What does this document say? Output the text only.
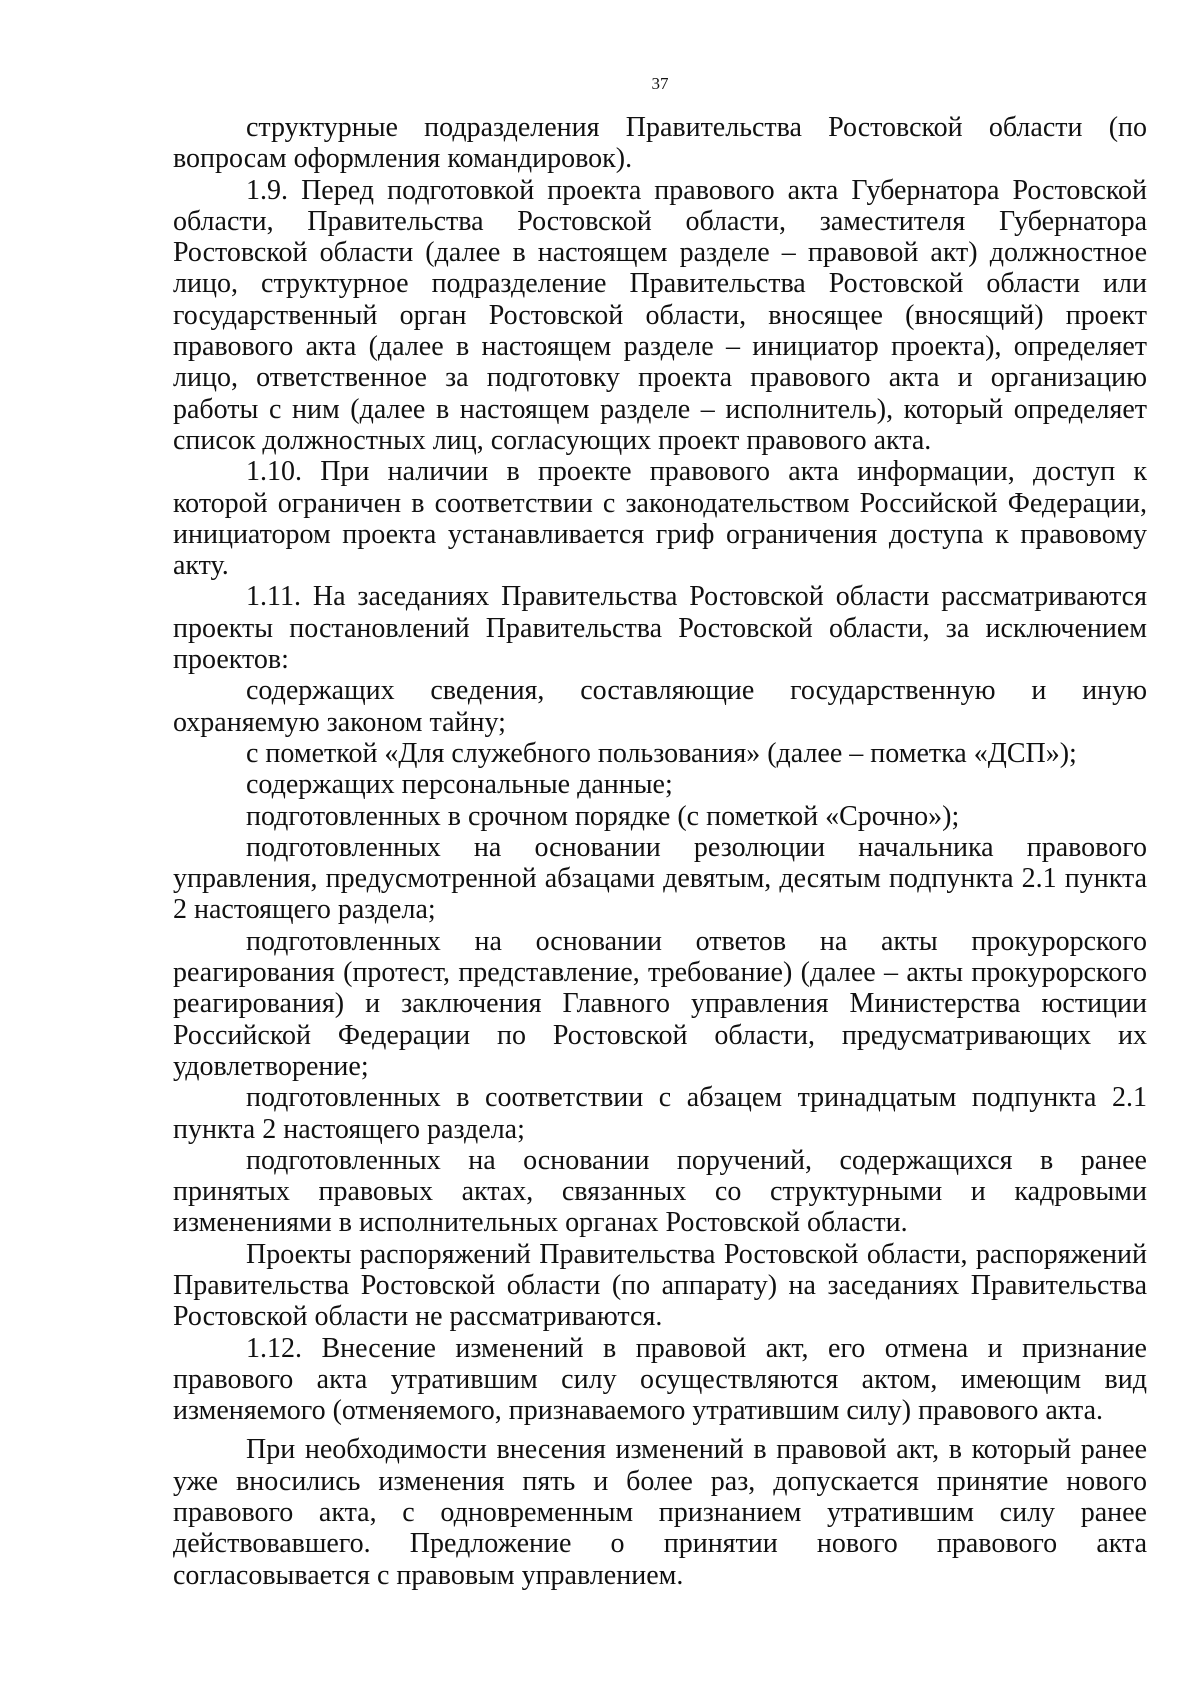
37

структурные подразделения Правительства Ростовской области (по вопросам оформления командировок).

1.9. Перед подготовкой проекта правового акта Губернатора Ростовской области, Правительства Ростовской области, заместителя Губернатора Ростовской области (далее в настоящем разделе – правовой акт) должностное лицо, структурное подразделение Правительства Ростовской области или государственный орган Ростовской области, вносящее (вносящий) проект правового акта (далее в настоящем разделе – инициатор проекта), определяет лицо, ответственное за подготовку проекта правового акта и организацию работы с ним (далее в настоящем разделе – исполнитель), который определяет список должностных лиц, согласующих проект правового акта.

1.10. При наличии в проекте правового акта информации, доступ к которой ограничен в соответствии с законодательством Российской Федерации, инициатором проекта устанавливается гриф ограничения доступа к правовому акту.

1.11. На заседаниях Правительства Ростовской области рассматриваются проекты постановлений Правительства Ростовской области, за исключением проектов:

содержащих сведения, составляющие государственную и иную охраняемую законом тайну;

с пометкой «Для служебного пользования» (далее – пометка «ДСП»);

содержащих персональные данные;

подготовленных в срочном порядке (с пометкой «Срочно»);

подготовленных на основании резолюции начальника правового управления, предусмотренной абзацами девятым, десятым подпункта 2.1 пункта 2 настоящего раздела;

подготовленных на основании ответов на акты прокурорского реагирования (протест, представление, требование) (далее – акты прокурорского реагирования) и заключения Главного управления Министерства юстиции Российской Федерации по Ростовской области, предусматривающих их удовлетворение;

подготовленных в соответствии с абзацем тринадцатым подпункта 2.1 пункта 2 настоящего раздела;

подготовленных на основании поручений, содержащихся в ранее принятых правовых актах, связанных со структурными и кадровыми изменениями в исполнительных органах Ростовской области.

Проекты распоряжений Правительства Ростовской области, распоряжений Правительства Ростовской области (по аппарату) на заседаниях Правительства Ростовской области не рассматриваются.

1.12. Внесение изменений в правовой акт, его отмена и признание правового акта утратившим силу осуществляются актом, имеющим вид изменяемого (отменяемого, признаваемого утратившим силу) правового акта.

При необходимости внесения изменений в правовой акт, в который ранее уже вносились изменения пять и более раз, допускается принятие нового правового акта, с одновременным признанием утратившим силу ранее действовавшего. Предложение о принятии нового правового акта согласовывается с правовым управлением.
